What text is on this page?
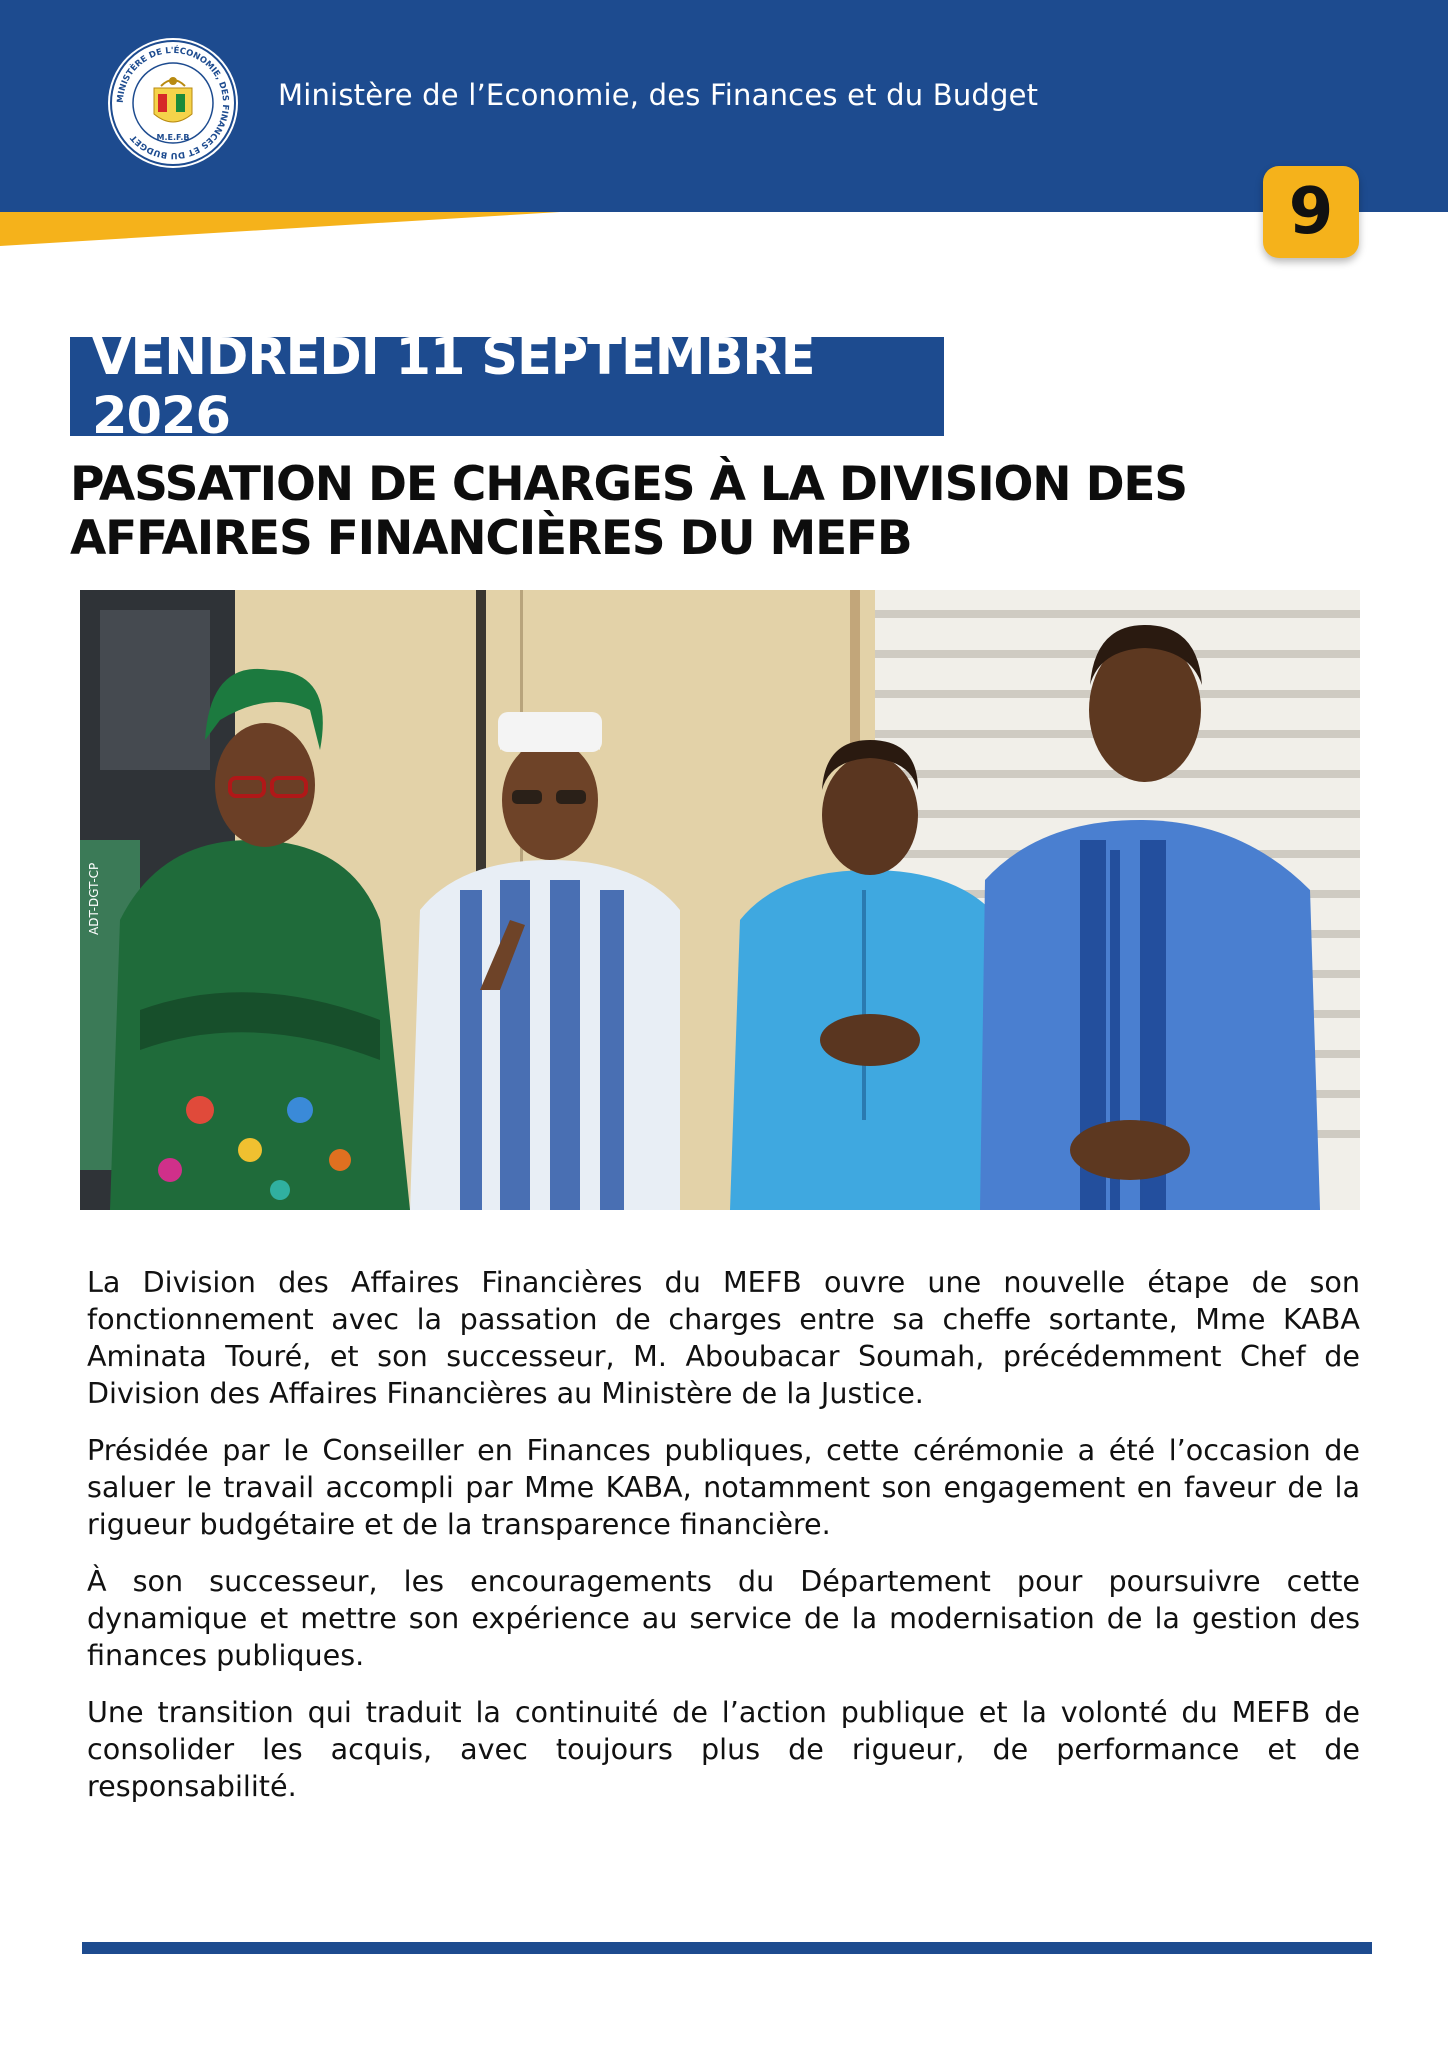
MINISTÈRE DE L'ÉCONOMIE, DES FINANCES ET DU BUDGET	M.E.F.B
Ministère de l’Economie, des Finances et du Budget
9
VENDREDI 11 SEPTEMBRE 2026
PASSATION DE CHARGES À LA DIVISION DES
AFFAIRES FINANCIÈRES DU MEFB
ADT-DGT-CP

La Division des Affaires Financières du MEFB ouvre une nouvelle étape de son fonctionnement avec la passation de charges entre sa cheffe sortante, Mme KABA Aminata Touré, et son successeur, M. Aboubacar Soumah, précédemment Chef de Division des Affaires Financières au Ministère de la Justice.

Présidée par le Conseiller en Finances publiques, cette cérémonie a été l’occasion de saluer le travail accompli par Mme KABA, notamment son engagement en faveur de la rigueur budgétaire et de la transparence financière.

À son successeur, les encouragements du Département pour poursuivre cette dynamique et mettre son expérience au service de la modernisation de la gestion des finances publiques.

Une transition qui traduit la continuité de l’action publique et la volonté du MEFB de consolider les acquis, avec toujours plus de rigueur, de performance et de responsabilité.
